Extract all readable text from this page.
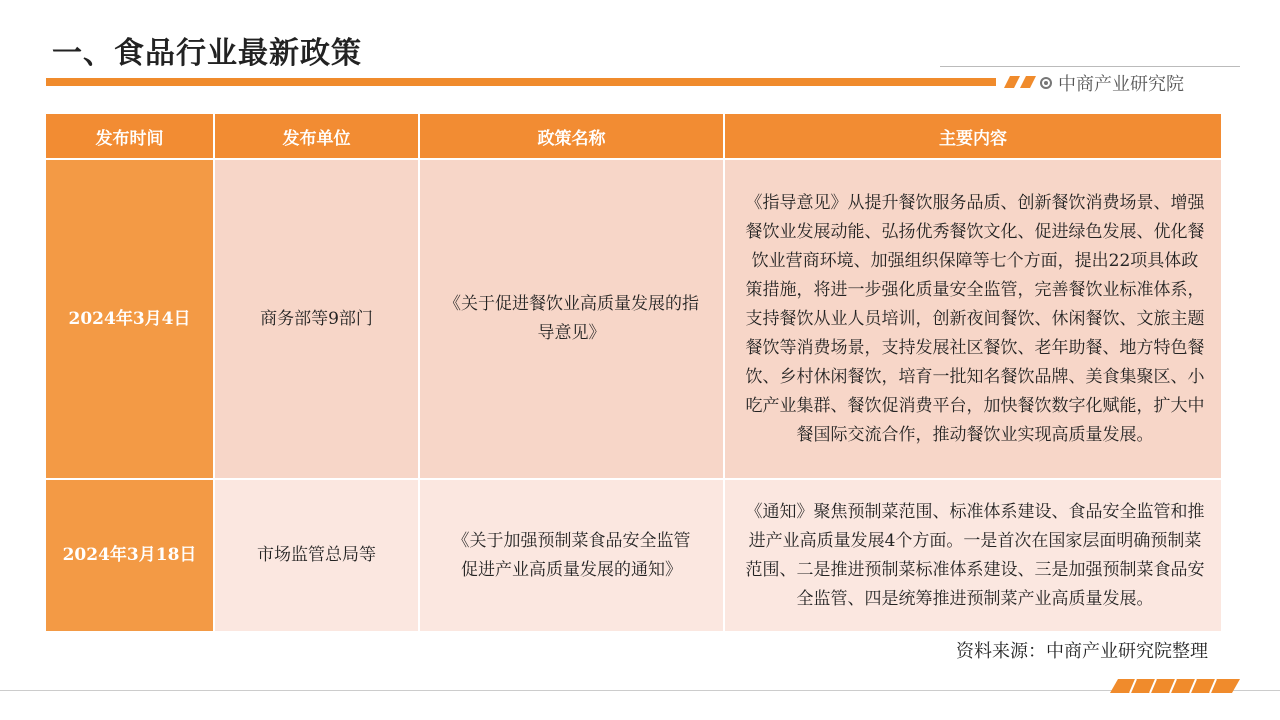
一、食品行业最新政策
中商产业研究院
发布时间	发布单位	政策名称	主要内容
2024年3月4日	商务部等9部门	《关于促进餐饮业高质量发展的指导意见》	《指导意见》从提升餐饮服务品质、创新餐饮消费场景、增强餐饮业发展动能、弘扬优秀餐饮文化、促进绿色发展、优化餐饮业营商环境、加强组织保障等七个方面，提出22项具体政策措施，将进一步强化质量安全监管，完善餐饮业标准体系，支持餐饮从业人员培训，创新夜间餐饮、休闲餐饮、文旅主题餐饮等消费场景，支持发展社区餐饮、老年助餐、地方特色餐饮、乡村休闲餐饮，培育一批知名餐饮品牌、美食集聚区、小吃产业集群、餐饮促消费平台，加快餐饮数字化赋能，扩大中餐国际交流合作，推动餐饮业实现高质量发展。
2024年3月18日	市场监管总局等	《关于加强预制菜食品安全监管 促进产业高质量发展的通知》	《通知》聚焦预制菜范围、标准体系建设、食品安全监管和推进产业高质量发展4个方面。一是首次在国家层面明确预制菜范围、二是推进预制菜标准体系建设、三是加强预制菜食品安全监管、四是统筹推进预制菜产业高质量发展。
资料来源：中商产业研究院整理
